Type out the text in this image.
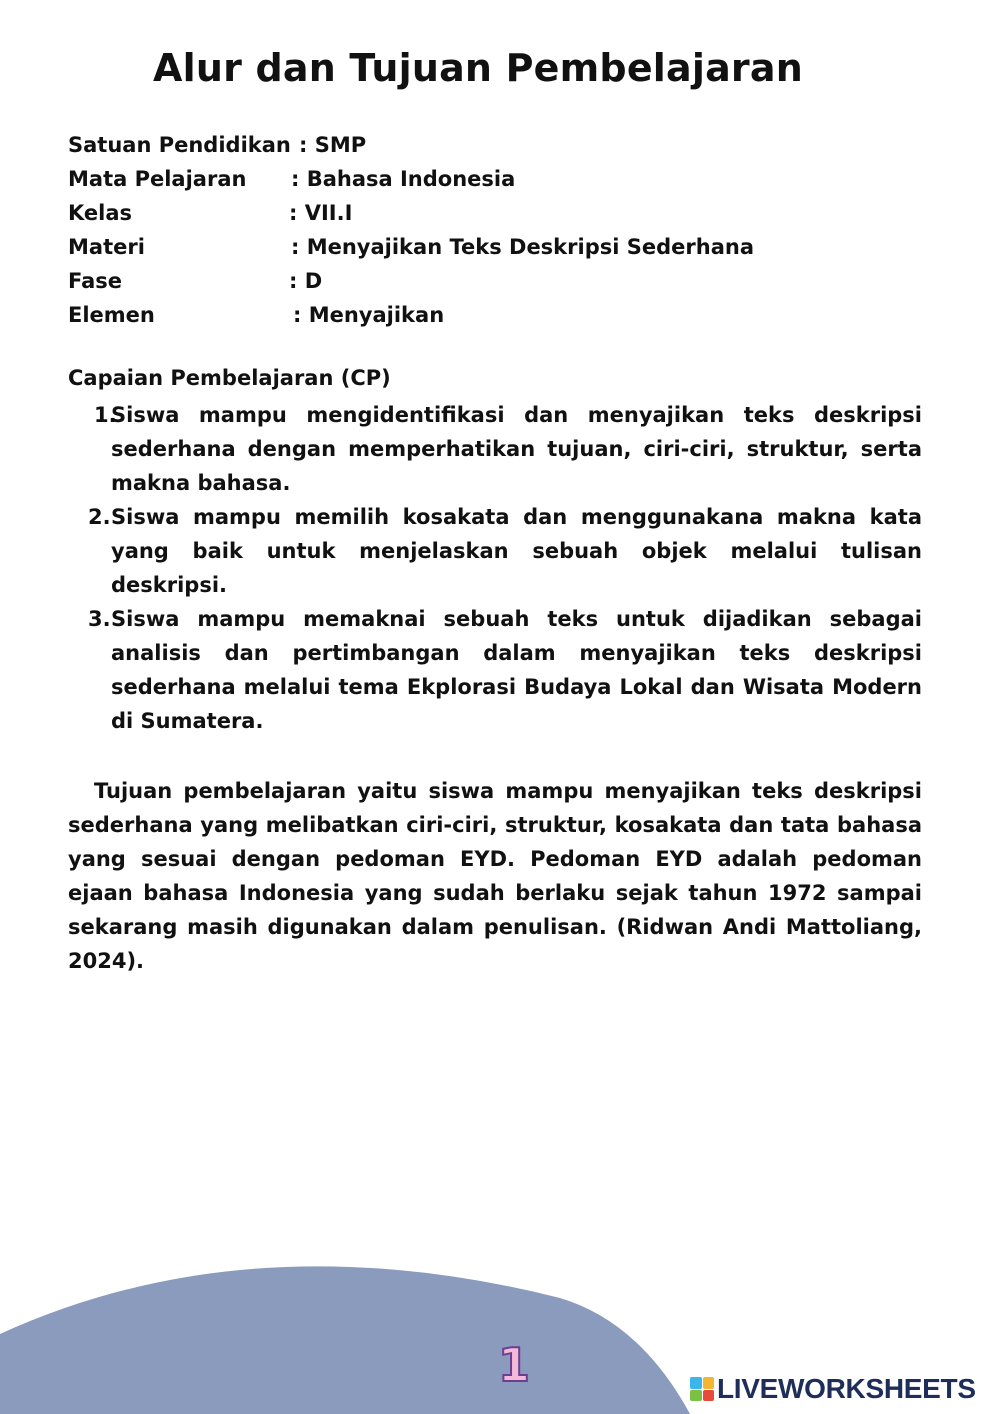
Alur dan Tujuan Pembelajaran
Satuan Pendidikan : SMP
Mata Pelajaran	: Bahasa Indonesia
Kelas	: VII.I
Materi	: Menyajikan Teks Deskripsi Sederhana
Fase	: D
Elemen	: Menyajikan
Capaian Pembelajaran (CP)
1.
Siswa mampu mengidentifikasi dan menyajikan teks deskripsi sederhana dengan memperhatikan tujuan, ciri-ciri, struktur, serta makna bahasa.
2. Siswa mampu memilih kosakata dan menggunakana makna kata yang baik untuk menjelaskan sebuah objek melalui tulisan deskripsi.
3. Siswa mampu memaknai sebuah teks untuk dijadikan sebagai analisis dan pertimbangan dalam menyajikan teks deskripsi sederhana melalui tema Ekplorasi Budaya Lokal dan Wisata Modern di Sumatera.

Tujuan pembelajaran yaitu siswa mampu menyajikan teks deskripsi sederhana yang melibatkan ciri-ciri, struktur, kosakata dan tata bahasa yang sesuai dengan pedoman EYD. Pedoman EYD adalah pedoman ejaan bahasa Indonesia yang sudah berlaku sejak tahun 1972 sampai sekarang masih digunakan dalam penulisan. (Ridwan Andi Mattoliang, 2024).

1	LIVEWORKSHEETS
